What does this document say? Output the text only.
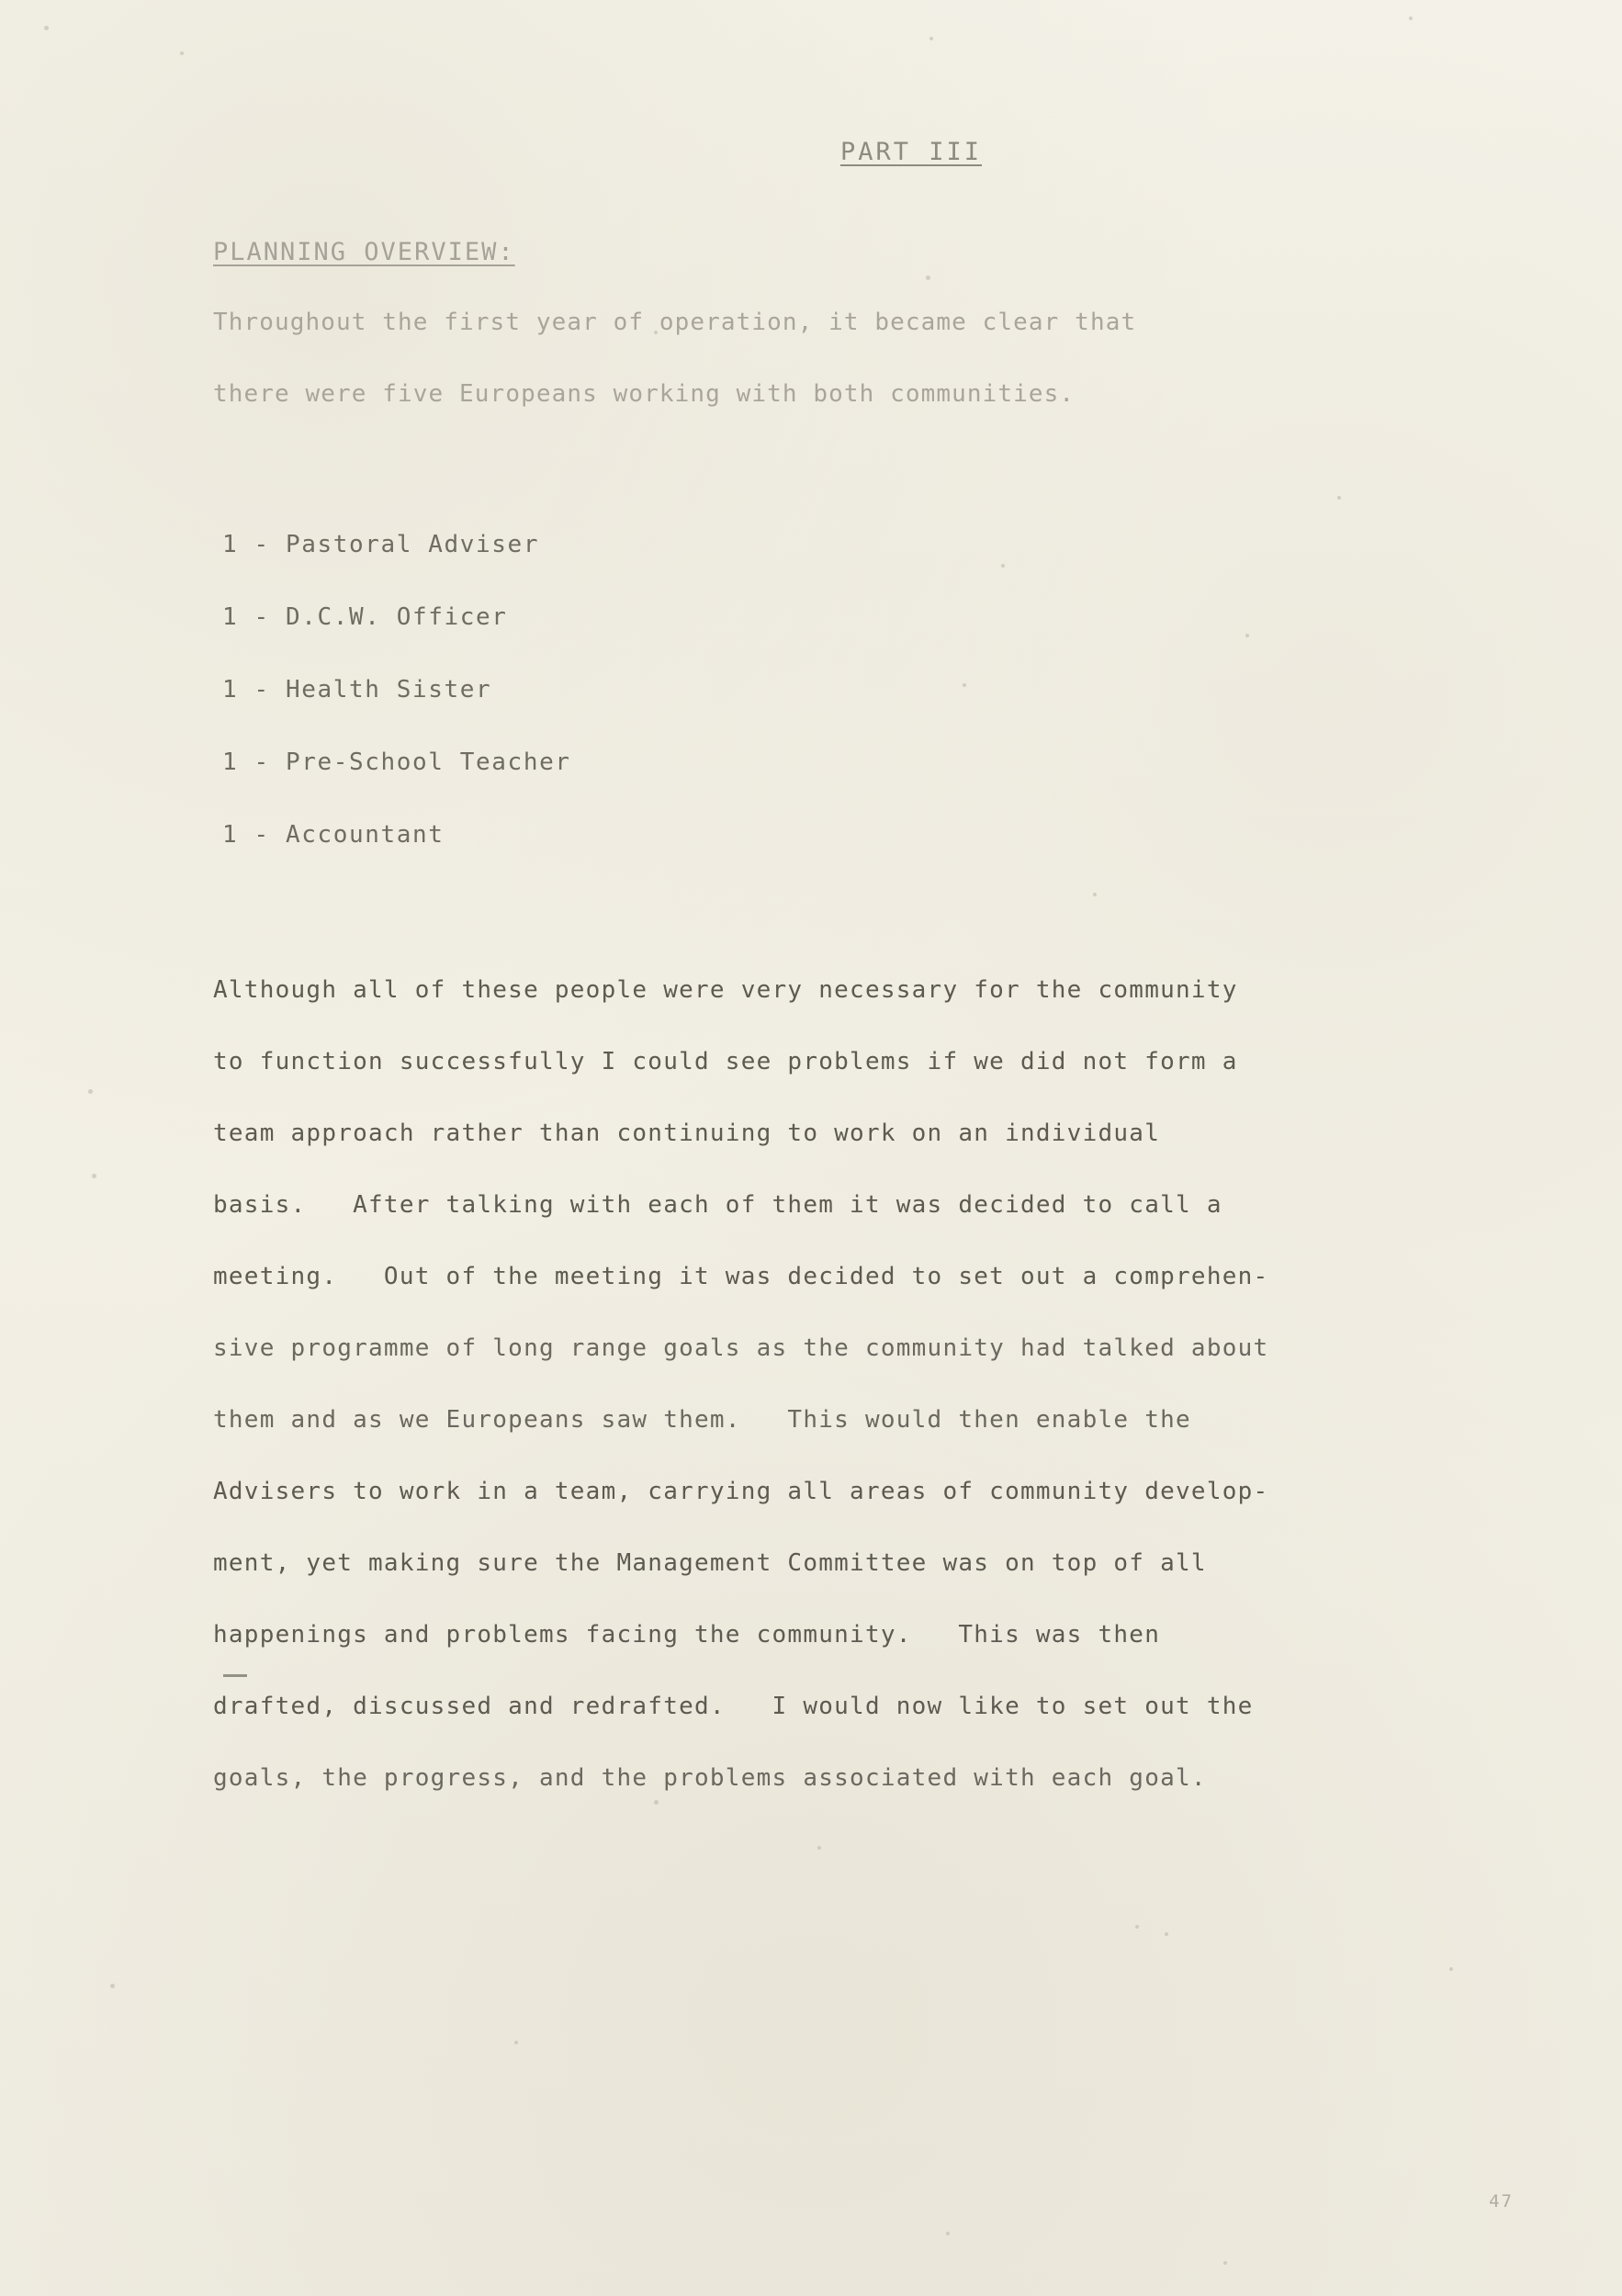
PART III
PLANNING OVERVIEW:

Throughout the first year of operation, it became clear that

there were five Europeans working with both communities.

1 - Pastoral Adviser

1 - D.C.W. Officer

1 - Health Sister

1 - Pre-School Teacher

1 - Accountant

Although all of these people were very necessary for the community

to function successfully I could see problems if we did not form a

team approach rather than continuing to work on an individual

basis.   After talking with each of them it was decided to call a

meeting.   Out of the meeting it was decided to set out a comprehen-

sive programme of long range goals as the community had talked about

them and as we Europeans saw them.   This would then enable the

Advisers to work in a team, carrying all areas of community develop-

ment, yet making sure the Management Committee was on top of all

happenings and problems facing the community.   This was then

drafted, discussed and redrafted.   I would now like to set out the

goals, the progress, and the problems associated with each goal.

47
